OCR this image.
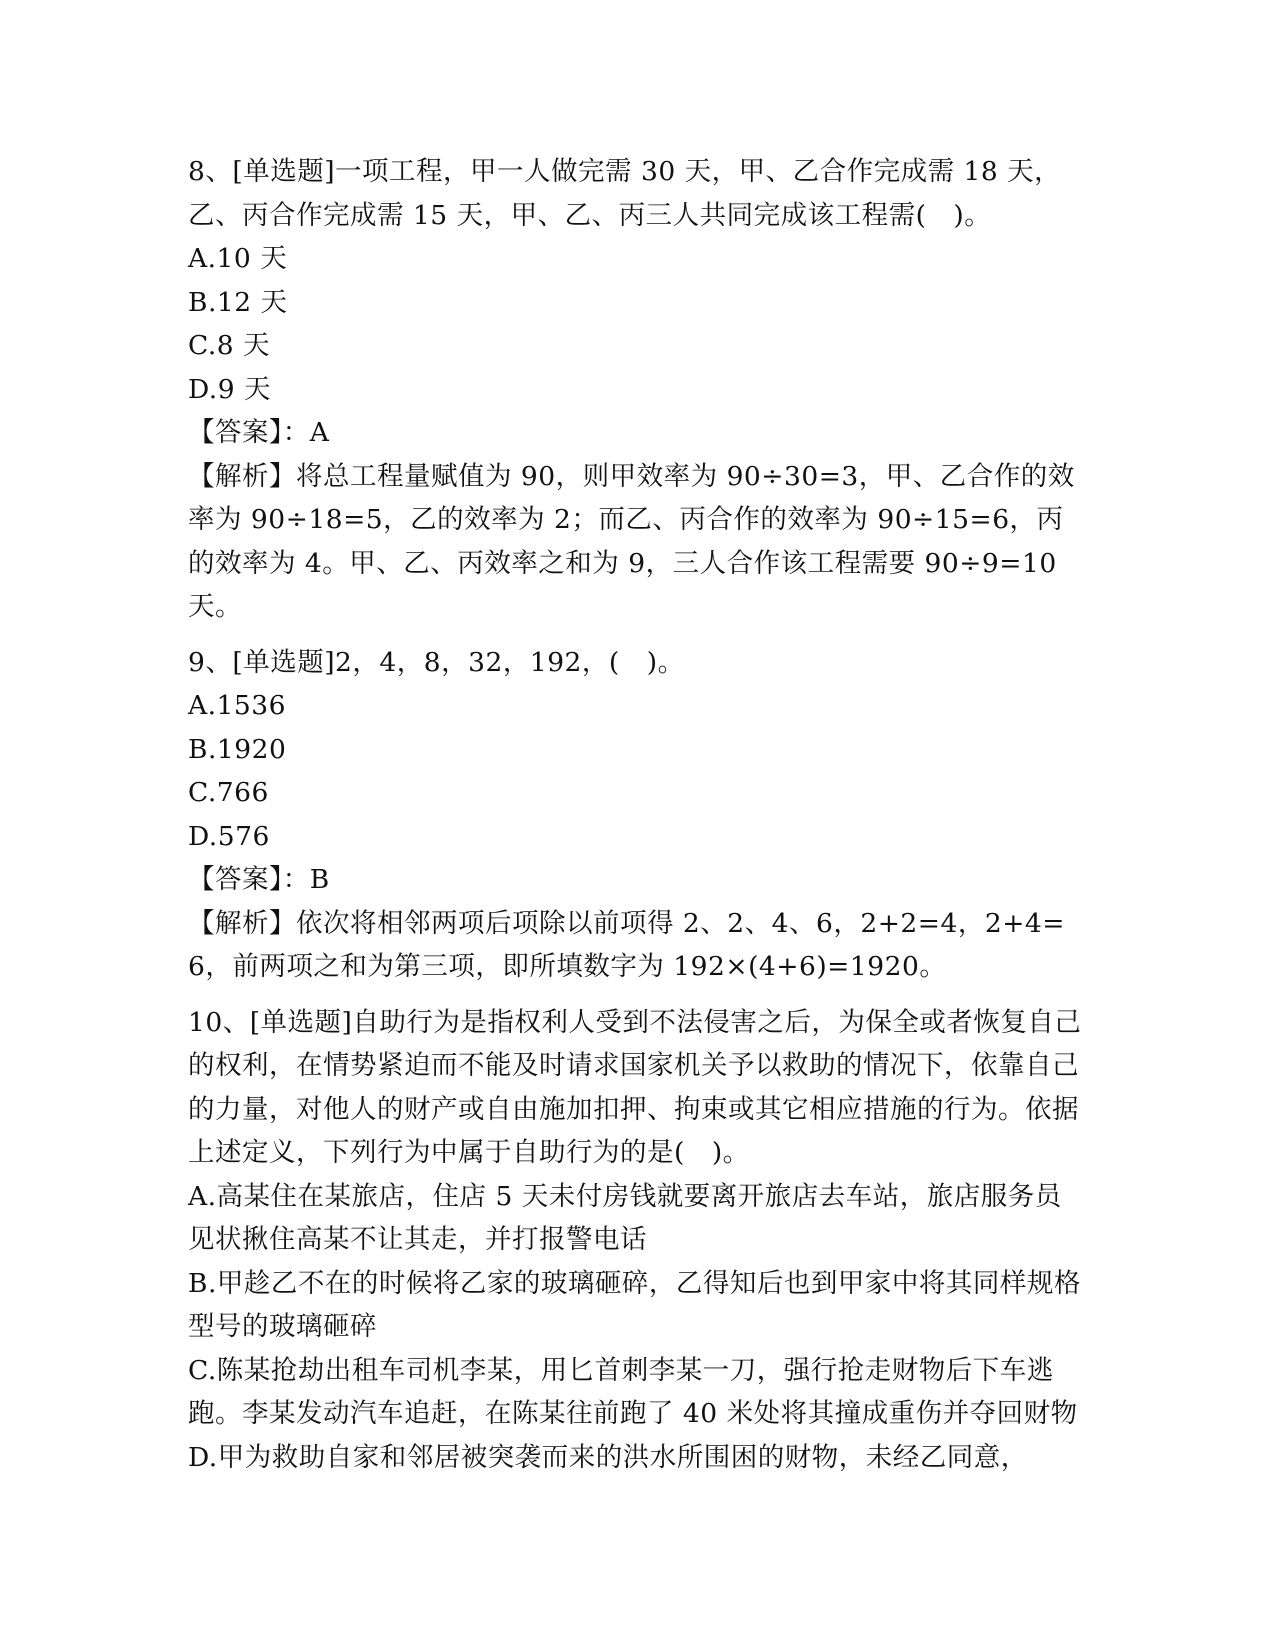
8、[单选题]一项工程，甲一人做完需 30 天，甲、乙合作完成需 18 天，乙、丙合作完成需 15 天，甲、乙、丙三人共同完成该工程需(　)。

A.10 天

B.12 天

C.8 天

D.9 天

【答案】：A

【解析】将总工程量赋值为 90，则甲效率为 90÷30=3，甲、乙合作的效率为 90÷18=5，乙的效率为 2；而乙、丙合作的效率为 90÷15=6，丙的效率为 4。甲、乙、丙效率之和为 9，三人合作该工程需要 90÷9=10 天。

9、[单选题]2，4，8，32，192，(　)。

A.1536

B.1920

C.766

D.576

【答案】：B

【解析】依次将相邻两项后项除以前项得 2、2、4、6，2+2=4，2+4=6，前两项之和为第三项，即所填数字为 192×(4+6)=1920。

10、[单选题]自助行为是指权利人受到不法侵害之后，为保全或者恢复自己的权利，在情势紧迫而不能及时请求国家机关予以救助的情况下，依靠自己的力量，对他人的财产或自由施加扣押、拘束或其它相应措施的行为。依据上述定义，下列行为中属于自助行为的是(　)。

A.高某住在某旅店，住店 5 天未付房钱就要离开旅店去车站，旅店服务员见状揪住高某不让其走，并打报警电话

B.甲趁乙不在的时候将乙家的玻璃砸碎，乙得知后也到甲家中将其同样规格型号的玻璃砸碎

C.陈某抢劫出租车司机李某，用匕首刺李某一刀，强行抢走财物后下车逃跑。李某发动汽车追赶，在陈某往前跑了 40 米处将其撞成重伤并夺回财物

D.甲为救助自家和邻居被突袭而来的洪水所围困的财物，未经乙同意，
